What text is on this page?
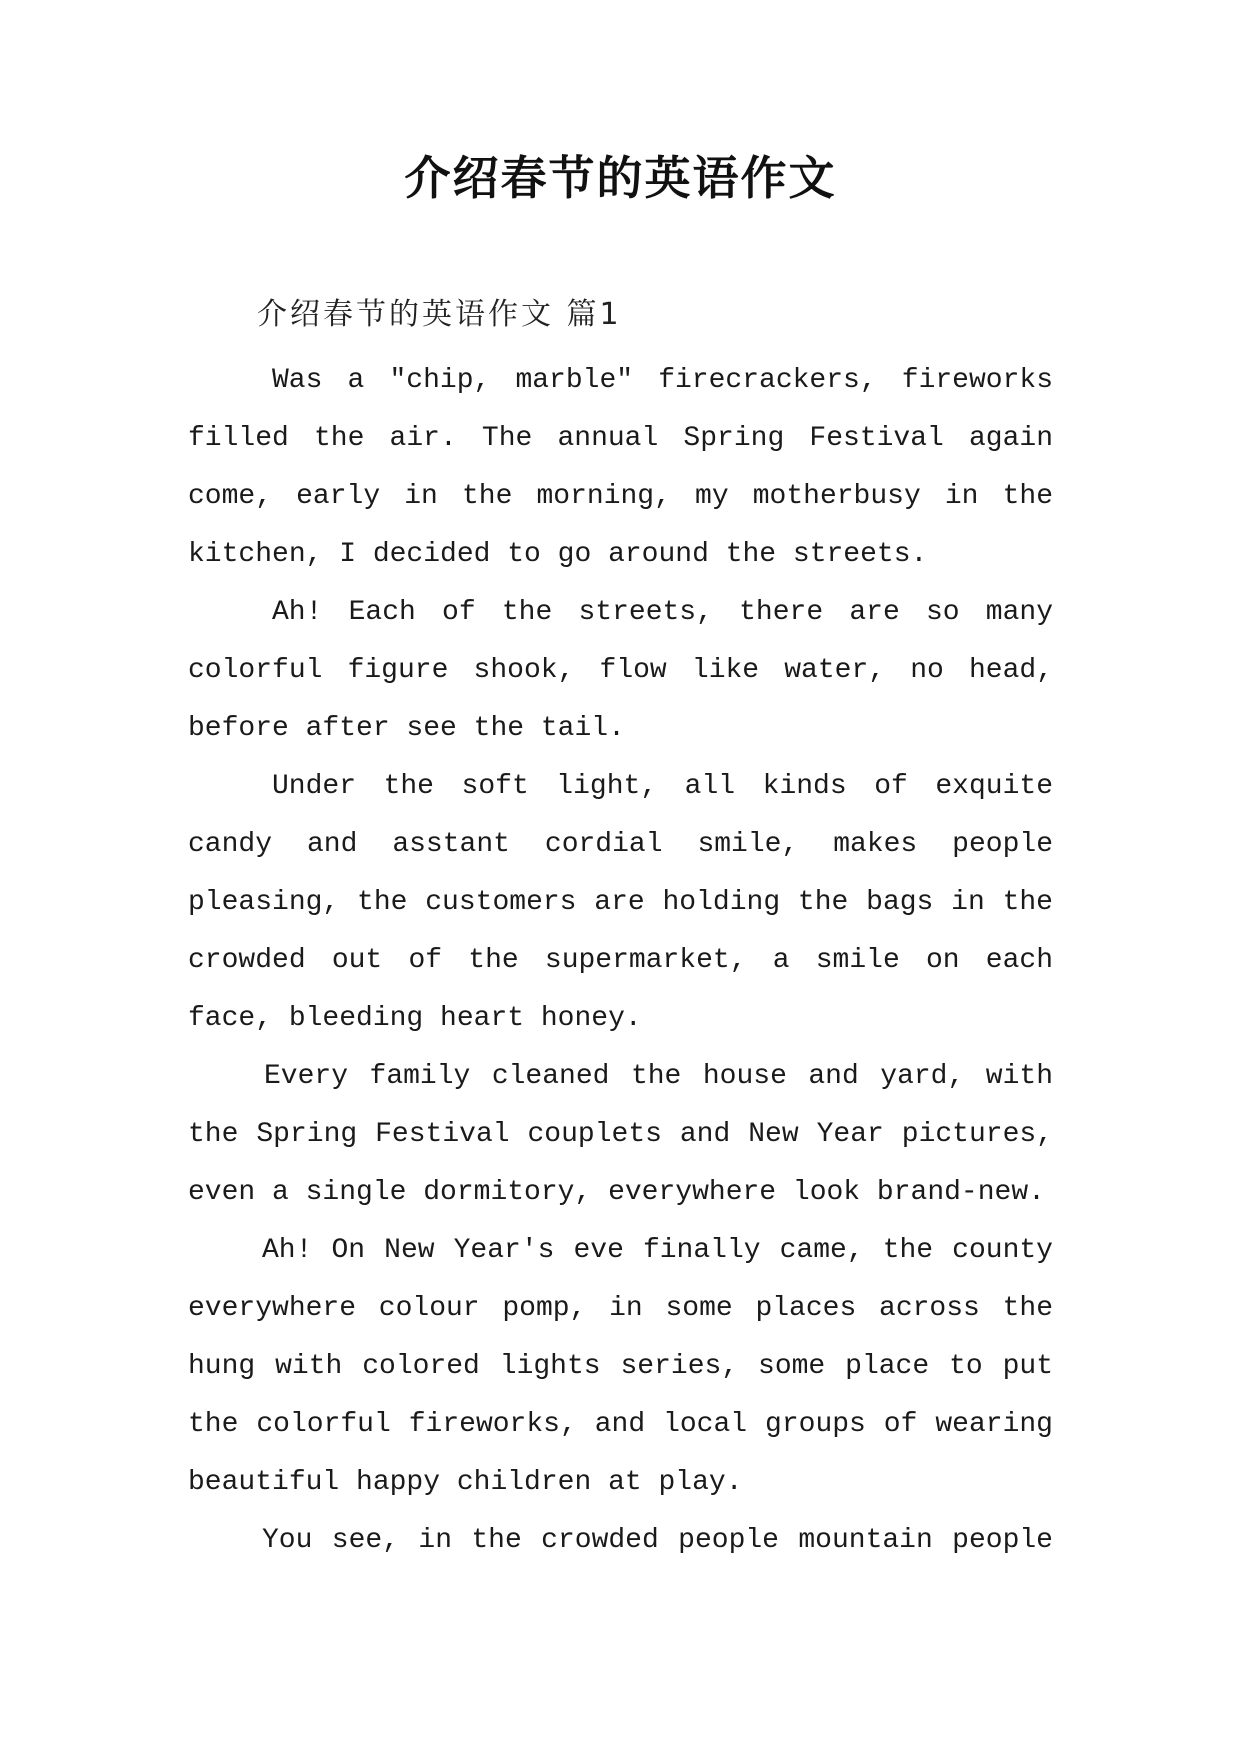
介绍春节的英语作文
介绍春节的英语作文 篇1

Was a "chip, marble" firecrackers, fireworks filled the air. The annual Spring Festival again come, early in the morning, my motherbusy in the kitchen, I decided to go around the streets.

Ah! Each of the streets, there are so many colorful figure shook, flow like water, no head, before after see the tail.

Under the soft light, all kinds of exquite candy and asstant cordial smile, makes people pleasing, the customers are holding the bags in the crowded out of the supermarket, a smile on each face, bleeding heart honey.

Every family cleaned the house and yard, with the Spring Festival couplets and New Year pictures, even a single dormitory, everywhere look brand-new.

Ah! On New Year's eve finally came, the county everywhere colour pomp, in some places across the hung with colored lights series, some place to put the colorful fireworks, and local groups of wearing beautiful happy children at play.

You see, in the crowded people mountain people
